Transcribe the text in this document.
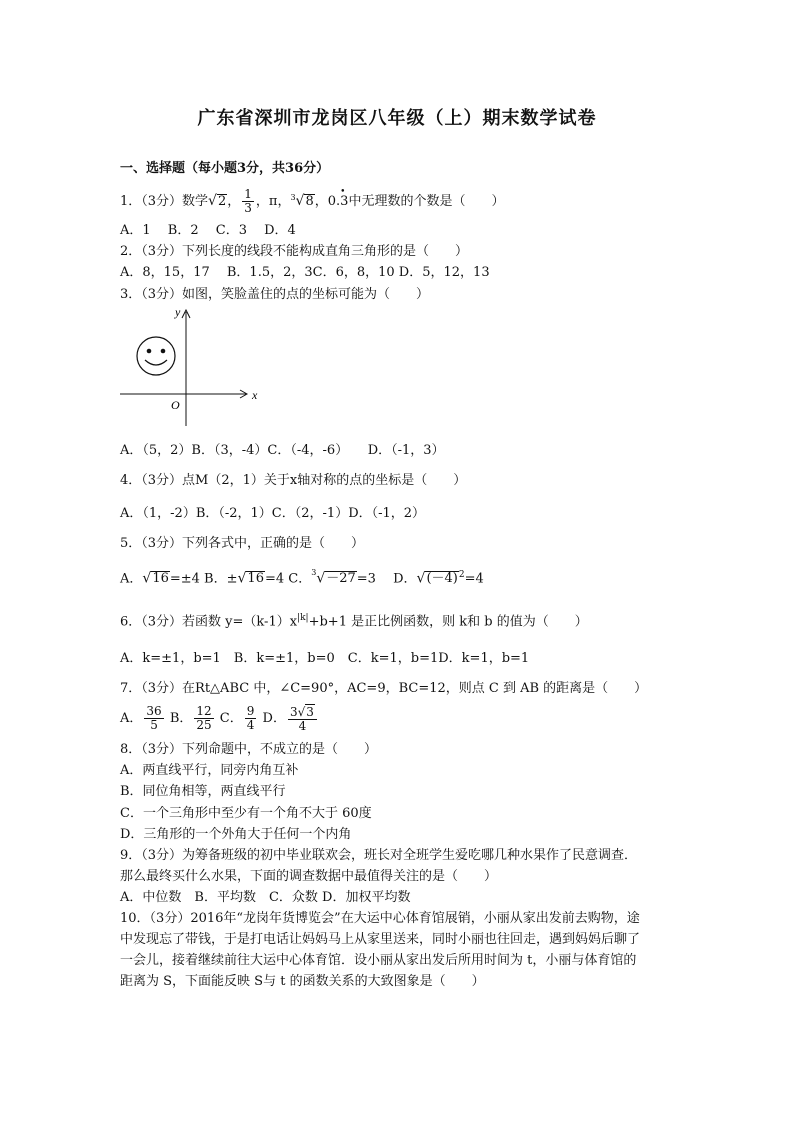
广东省深圳市龙岗区八年级（上）期末数学试卷
一、选择题（每小题3分，共36分）
1．（3分）数学√2， $\frac{1}{3}$ ，π，$^3$√8，0.• 3中无理数的个数是（　　）
A．1　 B．2　 C．3　 D．4
2．（3分）下列长度的线段不能构成直角三角形的是（　　）
A．8，15，17　 B．1.5，2，3C．6，8，10 D．5，12，13
3．（3分）如图，笑脸盖住的点的坐标可能为（　　）
x
y
O
A．（5，2）B．（3，-4）C．（-4，-6）　　D．（-1，3）
4．（3分）点M（2，1）关于x轴对称的点的坐标是（　　）
A．（1，-2）B．（-2，1）C．（2，-1）D．（-1，2）
5．（3分）下列各式中，正确的是（　　）
A．√16=±4 B．±√16=4 C．$^3$√－27=3　 D．$√(-4)^2=4$
6．（3分）若函数 $y=(k-1)x^{|k|}+b+1$ 是正比例函数，则 k和 b 的值为（　　）
A．k=±1，b=1　B．k=±1，b=0　C．k=1，b=1D．k=1，b=1
7．（3分）在Rt△ABC 中，∠C=90°，AC=9，BC=12，则点 C 到 AB 的距离是（　　）
A． $\frac{36}{5}$ B． $\frac{12}{25}$ C． $\frac{9}{4}$ D． $\frac{3√3}{4}$
8．（3分）下列命题中，不成立的是（　　）
A．两直线平行，同旁内角互补
B．同位角相等，两直线平行
C．一个三角形中至少有一个角不大于 60度
D．三角形的一个外角大于任何一个内角
9．（3分）为筹备班级的初中毕业联欢会，班长对全班学生爱吃哪几种水果作了民意调查．
那么最终买什么水果，下面的调查数据中最值得关注的是（　　）
A．中位数　B．平均数　C．众数 D．加权平均数
10．（3分）2016年“龙岗年货博览会”在大运中心体育馆展销，小丽从家出发前去购物，途
中发现忘了带钱，于是打电话让妈妈马上从家里送来，同时小丽也往回走，遇到妈妈后聊了
一会儿，接着继续前往大运中心体育馆．设小丽从家出发后所用时间为 t，小丽与体育馆的
距离为 S，下面能反映 S与 t 的函数关系的大致图象是（　　）
